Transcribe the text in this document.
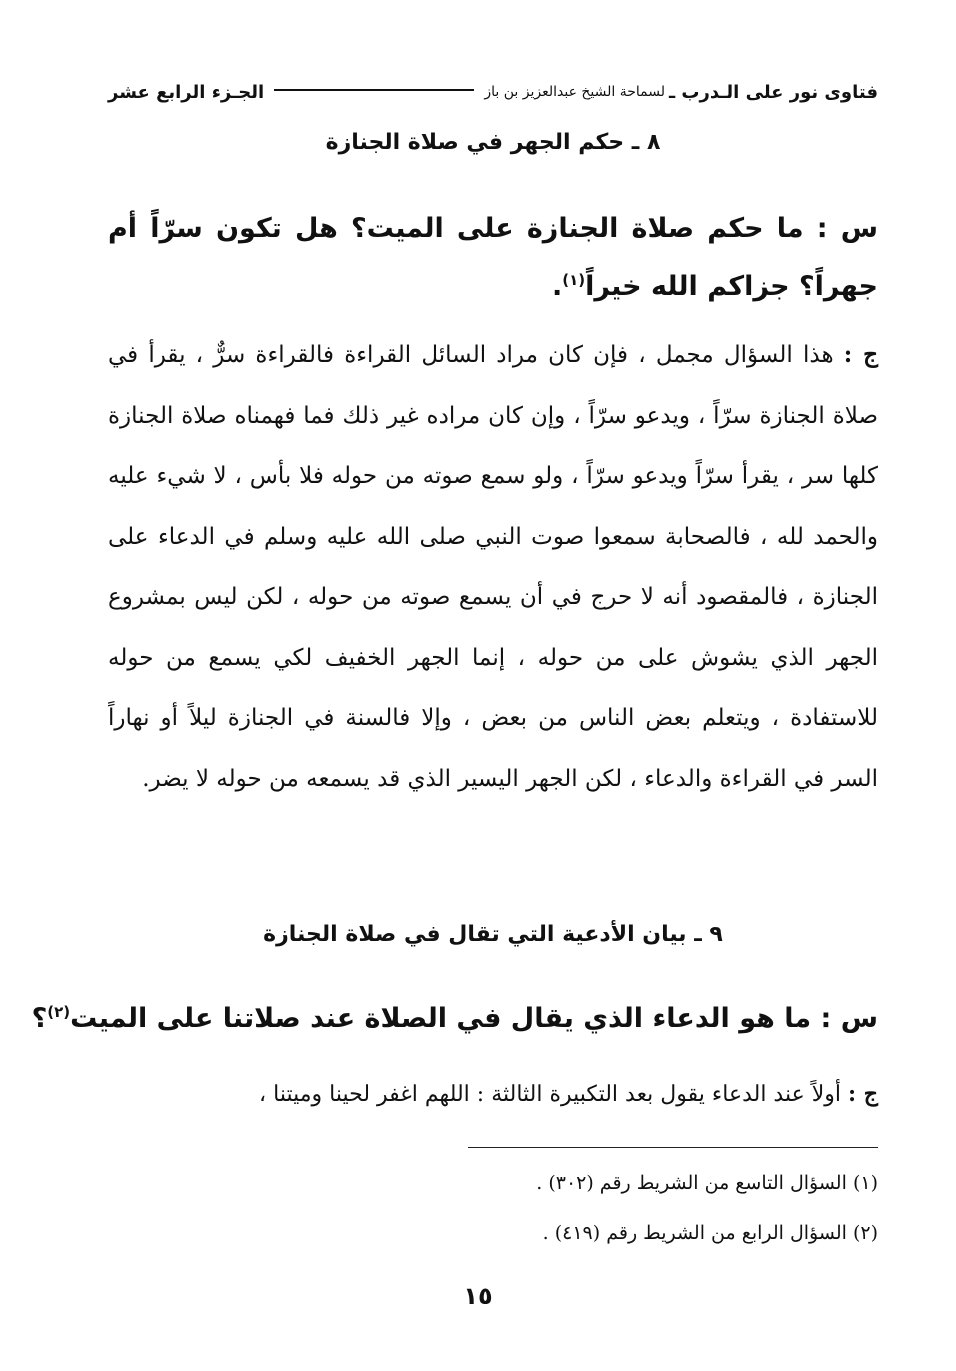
فتاوى نور على الـدرب ـ
لسماحة الشيخ عبدالعزيز بن باز
الجـزء الرابع عشر
٨ ـ حكم الجهر في صلاة الجنازة
س : ما حكم صلاة الجنازة على الميت؟ هل تكون سرّاً أم جهراً؟ جزاكم الله خيراً$^{(١)}$.
ج : هذا السؤال مجمل ، فإن كان مراد السائل القراءة فالقراءة سرٌّ ، يقرأ في صلاة الجنازة سرّاً ، ويدعو سرّاً ، وإن كان مراده غير ذلك فما فهمناه صلاة الجنازة كلها سر ، يقرأ سرّاً ويدعو سرّاً ، ولو سمع صوته من حوله فلا بأس ، لا شيء عليه والحمد لله ، فالصحابة سمعوا صوت النبي صلى الله عليه وسلم في الدعاء على الجنازة ، فالمقصود أنه لا حرج في أن يسمع صوته من حوله ، لكن ليس بمشروع الجهر الذي يشوش على من حوله ، إنما الجهر الخفيف لكي يسمع من حوله للاستفادة ، ويتعلم بعض الناس من بعض ، وإلا فالسنة في الجنازة ليلاً أو نهاراً السر في القراءة والدعاء ، لكن الجهر اليسير الذي قد يسمعه من حوله لا يضر.
٩ ـ بيان الأدعية التي تقال في صلاة الجنازة
س : ما هو الدعاء الذي يقال في الصلاة عند صلاتنا على الميت$^{(٢)}$؟
ج : أولاً عند الدعاء يقول بعد التكبيرة الثالثة : اللهم اغفر لحينا وميتنا ،
(١) السؤال التاسع من الشريط رقم (٣٠٢) .
(٢) السؤال الرابع من الشريط رقم (٤١٩) .
١٥
